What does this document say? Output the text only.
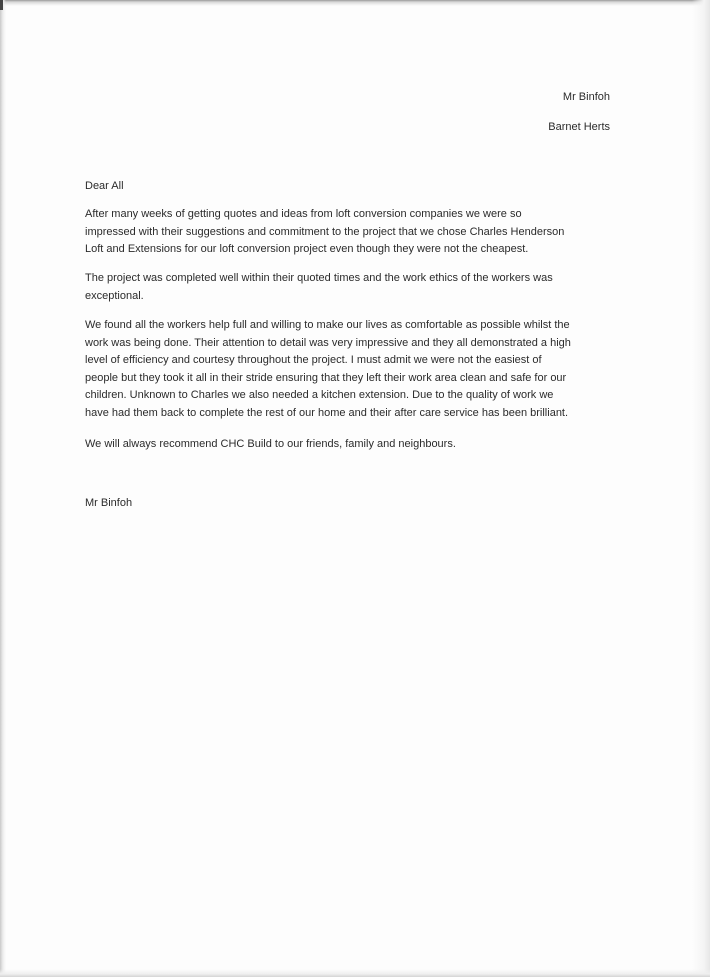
Mr Binfoh
Barnet Herts
Dear All
After many weeks of getting quotes and ideas from loft conversion companies we were so
impressed with their suggestions and commitment to the project that we chose Charles Henderson
Loft and Extensions for our loft conversion project even though they were not the cheapest.
The project was completed well within their quoted times and the work ethics of the workers was
exceptional.
We found all the workers help full and willing to make our lives as comfortable as possible whilst the
work was being done. Their attention to detail was very impressive and they all demonstrated a high
level of efficiency and courtesy throughout the project. I must admit we were not the easiest of
people but they took it all in their stride ensuring that they left their work area clean and safe for our
children. Unknown to Charles we also needed a kitchen extension. Due to the quality of work we
have had them back to complete the rest of our home and their after care service has been brilliant.
We will always recommend CHC Build to our friends, family and neighbours.
Mr Binfoh
